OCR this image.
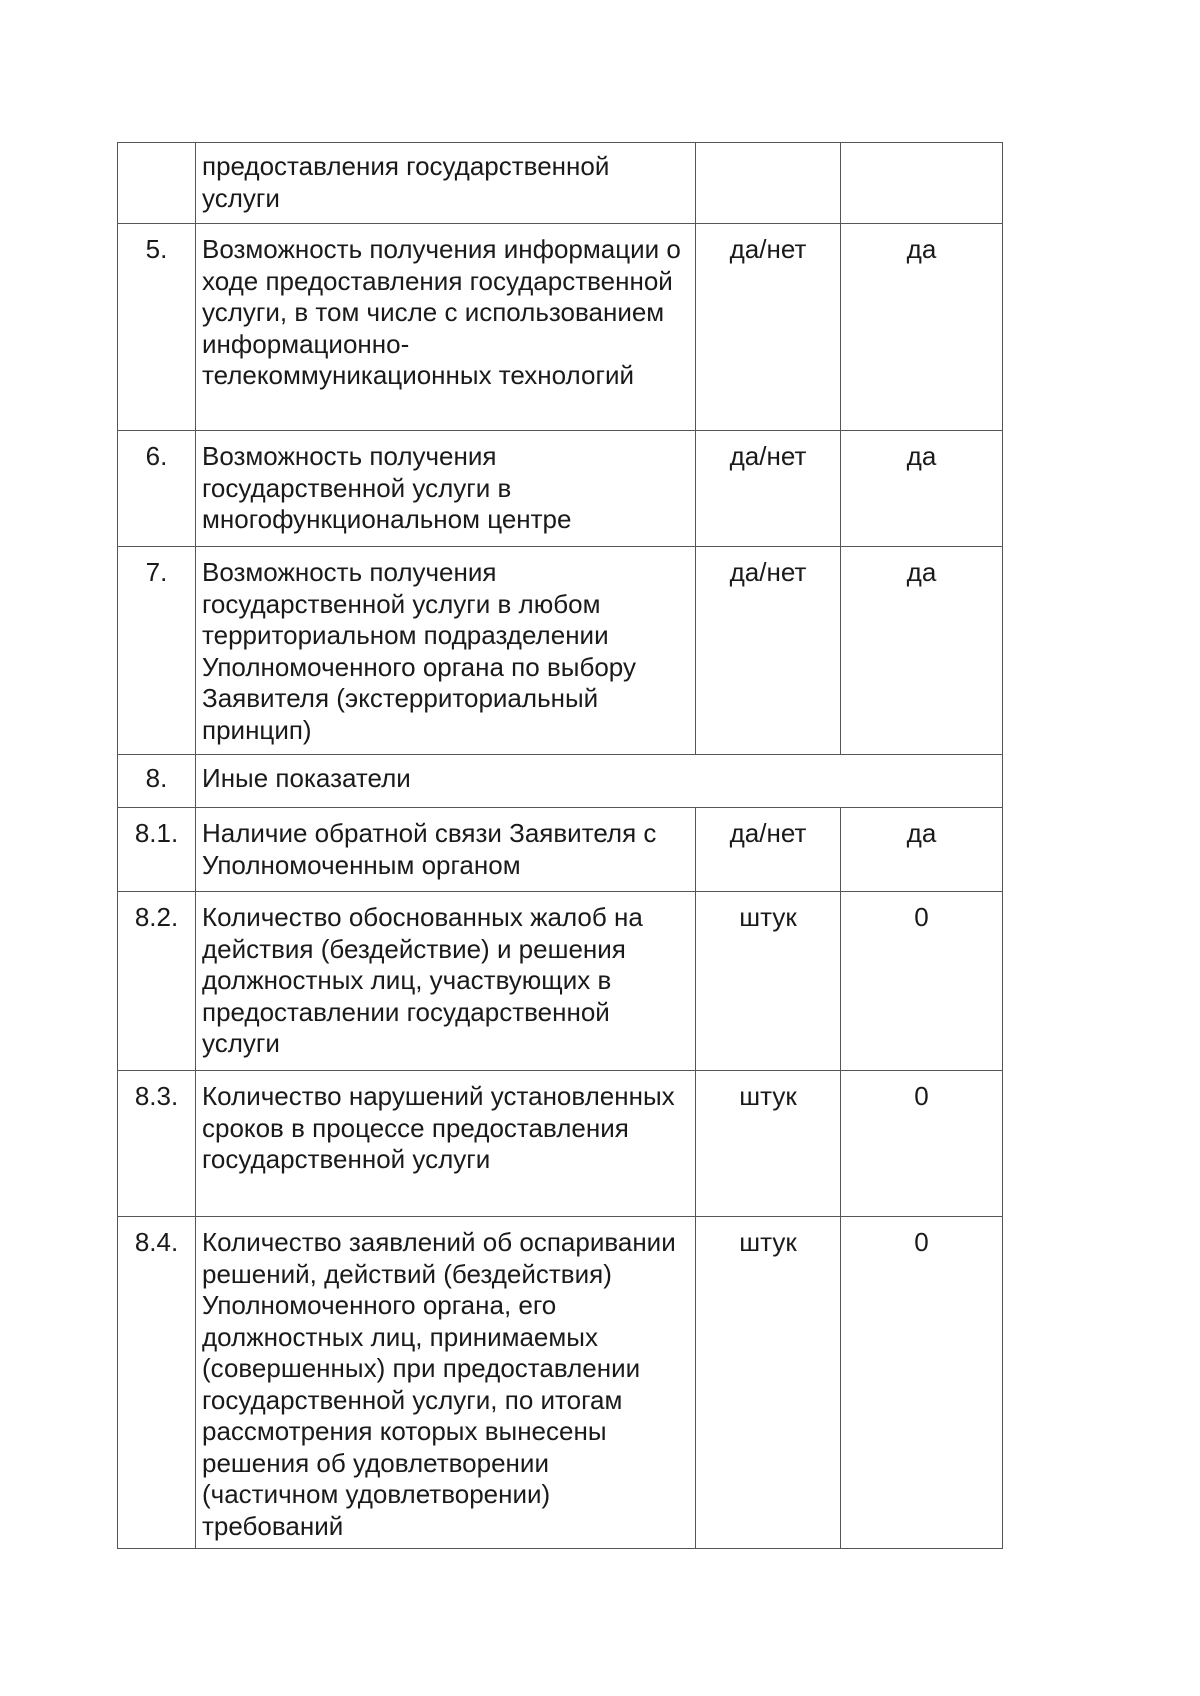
	предоставления государственной услуги		
5.	Возможность получения информации о ходе предоставления государственной услуги, в том числе с использованием информационно-телекоммуникационных технологий	да/нет	да
6.	Возможность получения государственной услуги в многофункциональном центре	да/нет	да
7.	Возможность получения государственной услуги в любом территориальном подразделении Уполномоченного органа по выбору Заявителя (экстерриториальный принцип)	да/нет	да
8.	Иные показатели		
8.1.	Наличие обратной связи Заявителя с Уполномоченным органом	да/нет	да
8.2.	Количество обоснованных жалоб на действия (бездействие) и решения должностных лиц, участвующих в предоставлении государственной услуги	штук	0
8.3.	Количество нарушений установленных сроков в процессе предоставления государственной услуги	штук	0
8.4.	Количество заявлений об оспаривании решений, действий (бездействия) Уполномоченного органа, его должностных лиц, принимаемых (совершенных) при предоставлении государственной услуги, по итогам рассмотрения которых вынесены решения об удовлетворении (частичном удовлетворении) требований	штук	0
